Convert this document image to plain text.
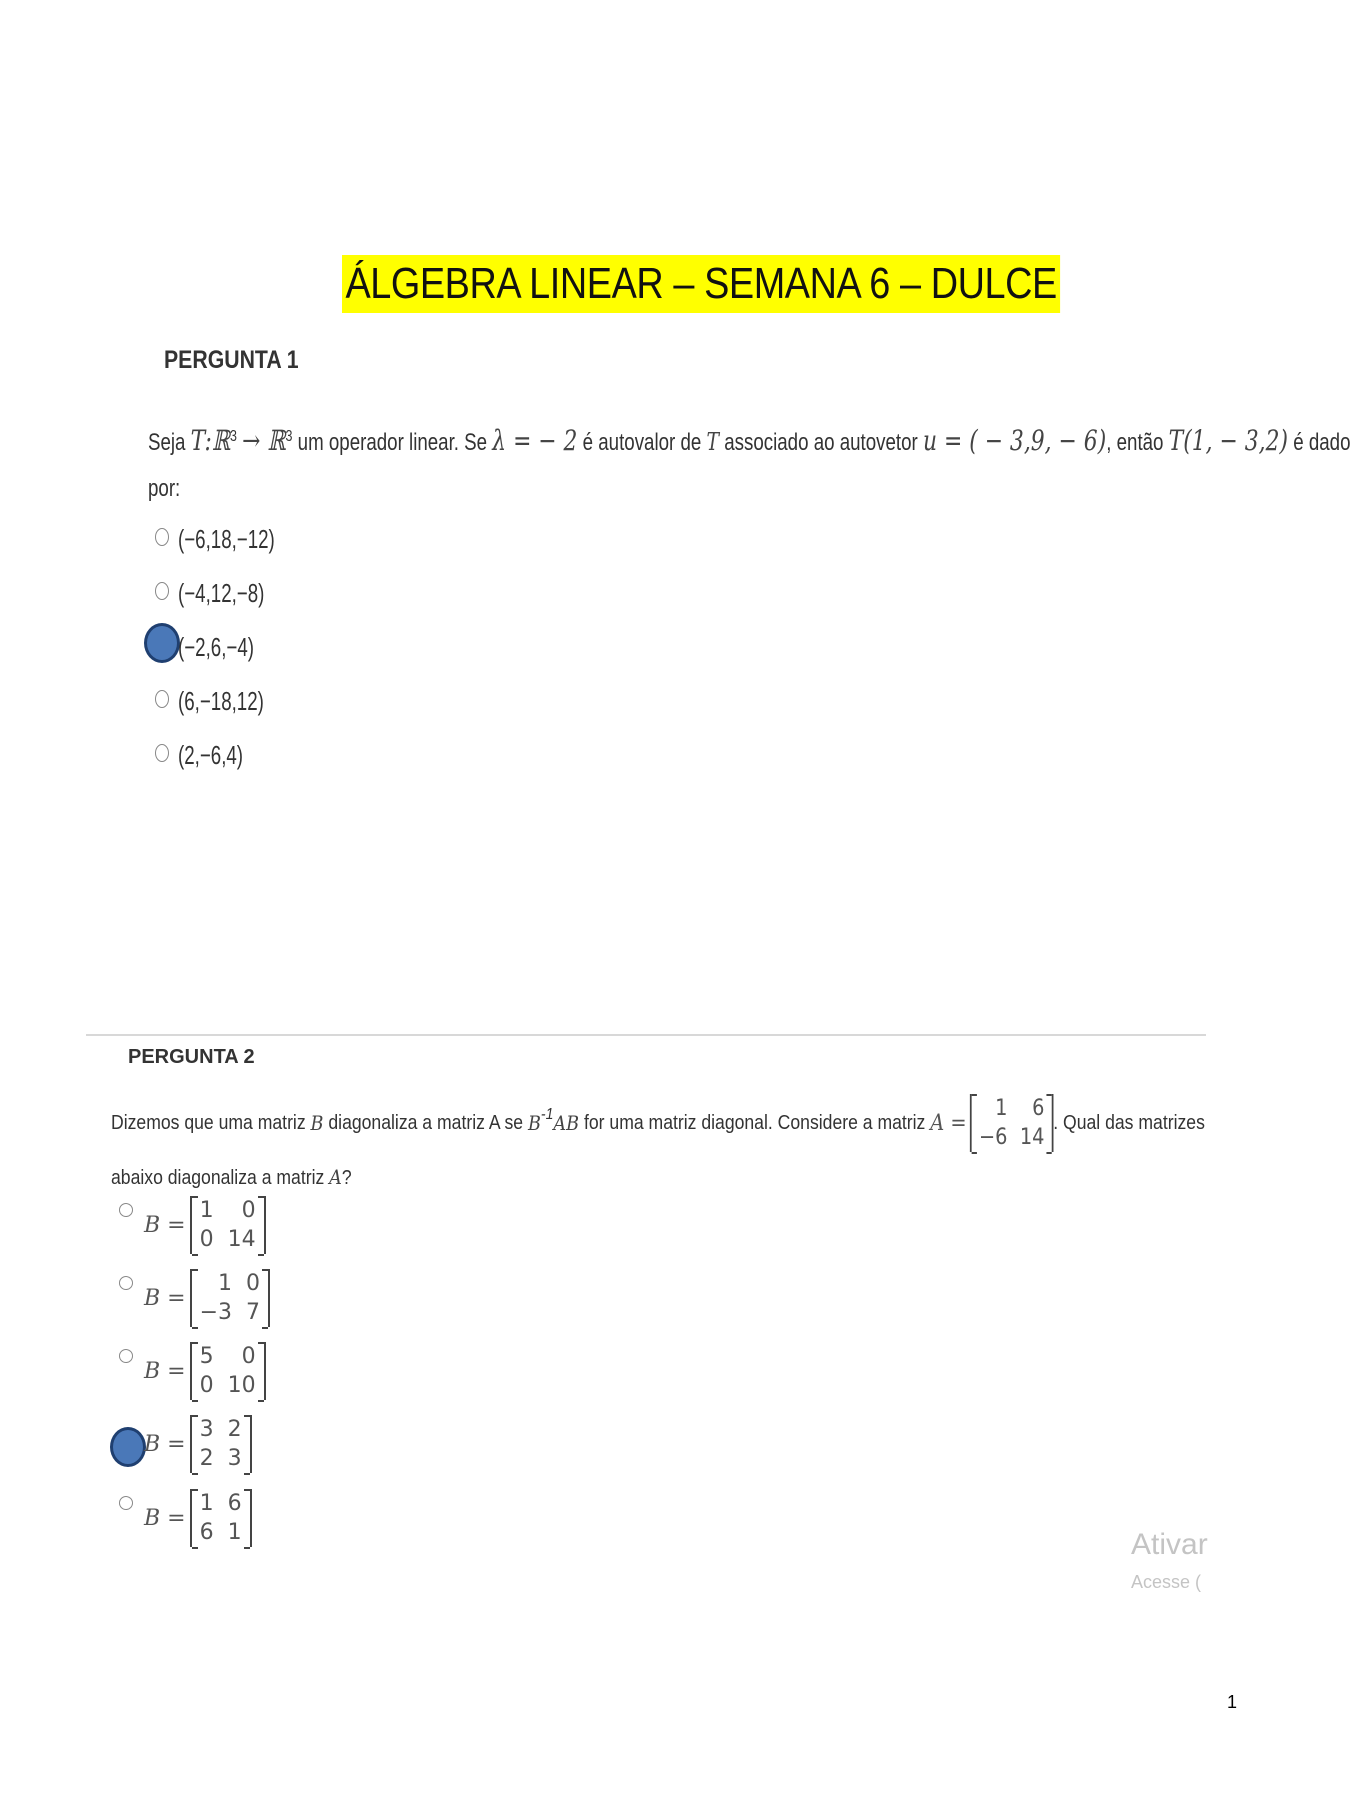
ÁLGEBRA LINEAR – SEMANA 6 – DULCE
PERGUNTA 1
Seja T:ℝ$^3$ → ℝ$^3$ um operador linear. Se λ = − 2 é autovalor de T associado ao autovetor u = ( − 3,9, − 6), então T(1, − 3,2) é dado
por:
(−6,18,−12)
(−4,12,−8)
(−2,6,−4)
(6,−18,12)
(2,−6,4)
PERGUNTA 2
Dizemos que uma matriz
B
diagonaliza a matriz A se
$B^{-1}$ AB
for uma matriz diagonal. Considere a matriz
A =
1	6
−6 14
. Qual das matrizes
abaixo diagonaliza a matriz A?
B =
1	0
0 14
B =
1 0
−3 7
B =
5	0
0 10
B =
3 2
2 3
B =
1 6
6 1	Ativar
Acesse (
1
